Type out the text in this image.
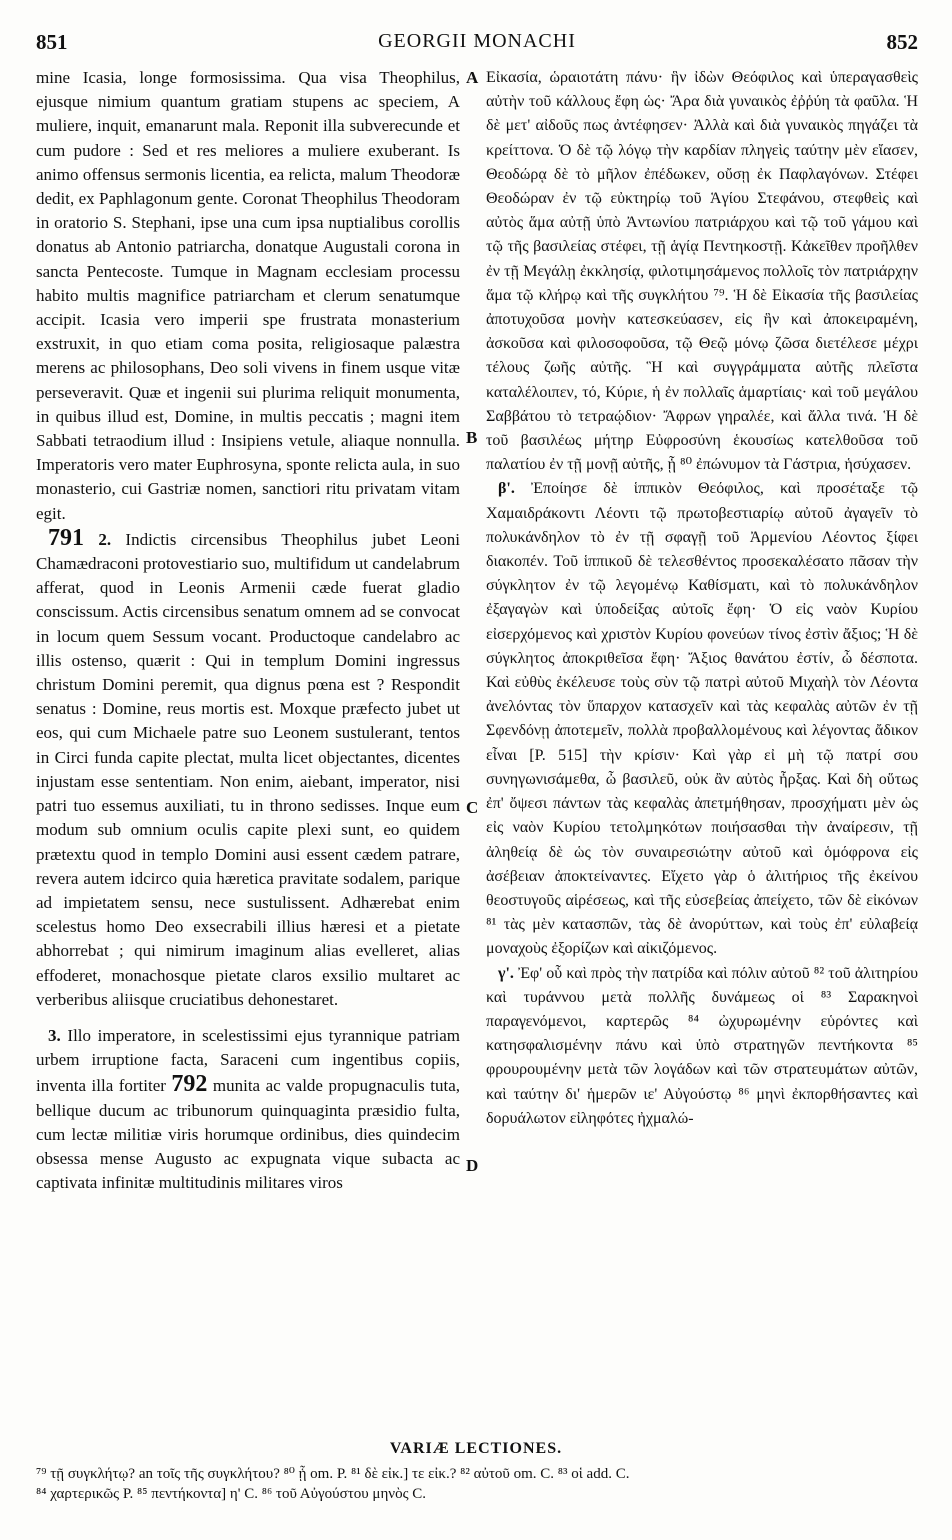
851	GEORGII MONACHI	852

mine Icasia, longe formosissima. Qua visa Theophilus, ejusque nimium quantum gratiam stupens ac speciem, A muliere, inquit, emanarunt mala. Reponit illa subverecunde et cum pudore : Sed et res meliores a muliere exuberant. Is animo offensus sermonis licentia, ea relicta, malum Theodoræ dedit, ex Paphlagonum gente. Coronat Theophilus Theodoram in oratorio S. Stephani, ipse una cum ipsa nuptialibus corollis donatus ab Antonio patriarcha, donatque Augustali corona in sancta Pentecoste. Tumque in Magnam ecclesiam processu habito multis magnifice patriarcham et clerum senatumque accipit. Icasia vero imperii spe frustrata monasterium exstruxit, in quo etiam coma posita, religiosaque palæstra merens ac philosophans, Deo soli vivens in finem usque vitæ perseveravit. Quæ et ingenii sui plurima reliquit monumenta, in quibus illud est, Domine, in multis peccatis ; magni item Sabbati tetraodium illud : Insipiens vetule, aliaque nonnulla. Imperatoris vero mater Euphrosyna, sponte relicta aula, in suo monasterio, cui Gastriæ nomen, sanctiori ritu privatam vitam egit.

791 2. Indictis circensibus Theophilus jubet Leoni Chamædraconi protovestiario suo, multifidum ut candelabrum afferat, quod in Leonis Armenii cæde fuerat gladio conscissum. Actis circensibus senatum omnem ad se convocat in locum quem Sessum vocant. Productoque candelabro ac illis ostenso, quærit : Qui in templum Domini ingressus christum Domini peremit, qua dignus pœna est ? Respondit senatus : Domine, reus mortis est. Moxque præfecto jubet ut eos, qui cum Michaele patre suo Leonem sustulerant, tentos in Circi funda capite plectat, multa licet objectantes, dicentes injustam esse sententiam. Non enim, aiebant, imperator, nisi patri tuo essemus auxiliati, tu in throno sedisses. Inque eum modum sub omnium oculis capite plexi sunt, eo quidem prætextu quod in templo Domini ausi essent cædem patrare, revera autem idcirco quia hæretica pravitate sodalem, parique ad impietatem sensu, nece sustulissent. Adhærebat enim scelestus homo Deo exsecrabili illius hæresi et a pietate abhorrebat ; qui nimirum imaginum alias evelleret, alias effoderet, monachosque pietate claros exsilio multaret ac verberibus aliisque cruciatibus dehonestaret.

3. Illo imperatore, in scelestissimi ejus tyrannique patriam urbem irruptione facta, Saraceni cum ingentibus copiis, inventa illa fortiter 792 munita ac valde propugnaculis tuta, bellique ducum ac tribunorum quinquaginta præsidio fulta, cum lectæ militiæ viris horumque ordinibus, dies quindecim obsessa mense Augusto ac expugnata vique subacta ac captivata infinitæ multitudinis militares viros

A
B
C
D

Εἰκασία, ὡραιοτάτη πάνυ· ἣν ἰδὼν Θεόφιλος καὶ ὑπεραγασθεὶς αὐτὴν τοῦ κάλλους ἔφη ὡς· Ἄρα διὰ γυναικὸς ἐῤῥύη τὰ φαῦλα. Ἡ δὲ μετ' αἰδοῦς πως ἀντέφησεν· Ἀλλὰ καὶ διὰ γυναικὸς πηγάζει τὰ κρείττονα. Ὁ δὲ τῷ λόγῳ τὴν καρδίαν πληγεὶς ταύτην μὲν εἴασεν, Θεοδώρᾳ δὲ τὸ μῆλον ἐπέδωκεν, οὔσῃ ἐκ Παφλαγόνων. Στέφει Θεοδώραν ἐν τῷ εὐκτηρίῳ τοῦ Ἁγίου Στεφάνου, στεφθεὶς καὶ αὐτὸς ἅμα αὐτῇ ὑπὸ Ἀντωνίου πατριάρχου καὶ τῷ τοῦ γάμου καὶ τῷ τῆς βασιλείας στέφει, τῇ ἁγίᾳ Πεντηκοστῇ. Κἀκεῖθεν προῆλθεν ἐν τῇ Μεγάλῃ ἐκκλησίᾳ, φιλοτιμησάμενος πολλοῖς τὸν πατριάρχην ἅμα τῷ κλήρῳ καὶ τῆς συγκλήτου ⁷⁹. Ἡ δὲ Εἰκασία τῆς βασιλείας ἀποτυχοῦσα μονὴν κατεσκεύασεν, εἰς ἣν καὶ ἀποκειραμένη, ἀσκοῦσα καὶ φιλοσοφοῦσα, τῷ Θεῷ μόνῳ ζῶσα διετέλεσε μέχρι τέλους ζωῆς αὐτῆς. Ἣ καὶ συγγράμματα αὐτῆς πλεῖστα καταλέλοιπεν, τό, Κύριε, ἡ ἐν πολλαῖς ἁμαρτίαις· καὶ τοῦ μεγάλου Σαββάτου τὸ τετραῴδιον· Ἄφρων γηραλέε, καὶ ἄλλα τινά. Ἡ δὲ τοῦ βασιλέως μήτηρ Εὐφροσύνη ἑκουσίως κατελθοῦσα τοῦ παλατίου ἐν τῇ μονῇ αὐτῆς, ᾗ ⁸⁰ ἐπώνυμον τὰ Γάστρια, ἡσύχασεν.

β'. Ἐποίησε δὲ ἱππικὸν Θεόφιλος, καὶ προσέταξε τῷ Χαμαιδράκοντι Λέοντι τῷ πρωτοβεστιαρίῳ αὐτοῦ ἀγαγεῖν τὸ πολυκάνδηλον τὸ ἐν τῇ σφαγῇ τοῦ Ἀρμενίου Λέοντος ξίφει διακοπέν. Τοῦ ἱππικοῦ δὲ τελεσθέντος προσεκαλέσατο πᾶσαν τὴν σύγκλητον ἐν τῷ λεγομένῳ Καθίσματι, καὶ τὸ πολυκάνδηλον ἐξαγαγὼν καὶ ὑποδείξας αὐτοῖς ἔφη· Ὁ εἰς ναὸν Κυρίου εἰσερχόμενος καὶ χριστὸν Κυρίου φονεύων τίνος ἐστὶν ἄξιος; Ἡ δὲ σύγκλητος ἀποκριθεῖσα ἔφη· Ἄξιος θανάτου ἐστίν, ὦ δέσποτα. Καὶ εὐθὺς ἐκέλευσε τοὺς σὺν τῷ πατρὶ αὐτοῦ Μιχαὴλ τὸν Λέοντα ἀνελόντας τὸν ὕπαρχον κατασχεῖν καὶ τὰς κεφαλὰς αὐτῶν ἐν τῇ Σφενδόνῃ ἀποτεμεῖν, πολλὰ προβαλλομένους καὶ λέγοντας ἄδικον εἶναι [P. 515] τὴν κρίσιν· Καὶ γὰρ εἰ μὴ τῷ πατρί σου συνηγωνισάμεθα, ὦ βασιλεῦ, οὐκ ἂν αὐτὸς ἦρξας. Καὶ δὴ οὕτως ἐπ' ὄψεσι πάντων τὰς κεφαλὰς ἀπετμήθησαν, προσχήματι μὲν ὡς εἰς ναὸν Κυρίου τετολμηκότων ποιήσασθαι τὴν ἀναίρεσιν, τῇ ἀληθείᾳ δὲ ὡς τὸν συναιρεσιώτην αὐτοῦ καὶ ὁμόφρονα εἰς ἀσέβειαν ἀποκτείναντες. Εἴχετο γὰρ ὁ ἀλιτήριος τῆς ἐκείνου θεοστυγοῦς αἱρέσεως, καὶ τῆς εὐσεβείας ἀπείχετο, τῶν δὲ εἰκόνων ⁸¹ τὰς μὲν κατασπῶν, τὰς δὲ ἀνορύττων, καὶ τοὺς ἐπ' εὐλαβείᾳ μοναχοὺς ἐξορίζων καὶ αἰκιζόμενος.

γ'. Ἐφ' οὗ καὶ πρὸς τὴν πατρίδα καὶ πόλιν αὐτοῦ ⁸² τοῦ ἀλιτηρίου καὶ τυράννου μετὰ πολλῆς δυνάμεως οἱ ⁸³ Σαρακηνοὶ παραγενόμενοι, καρτερῶς ⁸⁴ ὠχυρωμένην εὑρόντες καὶ κατησφαλισμένην πάνυ καὶ ὑπὸ στρατηγῶν πεντήκοντα ⁸⁵ φρουρουμένην μετὰ τῶν λογάδων καὶ τῶν στρατευμάτων αὐτῶν, καὶ ταύτην δι' ἡμερῶν ιε' Αὐγούστῳ ⁸⁶ μηνὶ ἐκπορθήσαντες καὶ δορυάλωτον εἰληφότες ἠχμαλώ-

VARIÆ LECTIONES.
⁷⁹ τῇ συγκλήτῳ? an τοῖς τῆς συγκλήτου? ⁸⁰ ᾗ om. P. ⁸¹ δὲ εἰκ.] τε εἰκ.? ⁸² αὐτοῦ om. C. ⁸³ οἱ add. C.
⁸⁴ χαρτερικῶς P. ⁸⁵ πεντήκοντα] η' C. ⁸⁶ τοῦ Αὐγούστου μηνὸς C.
